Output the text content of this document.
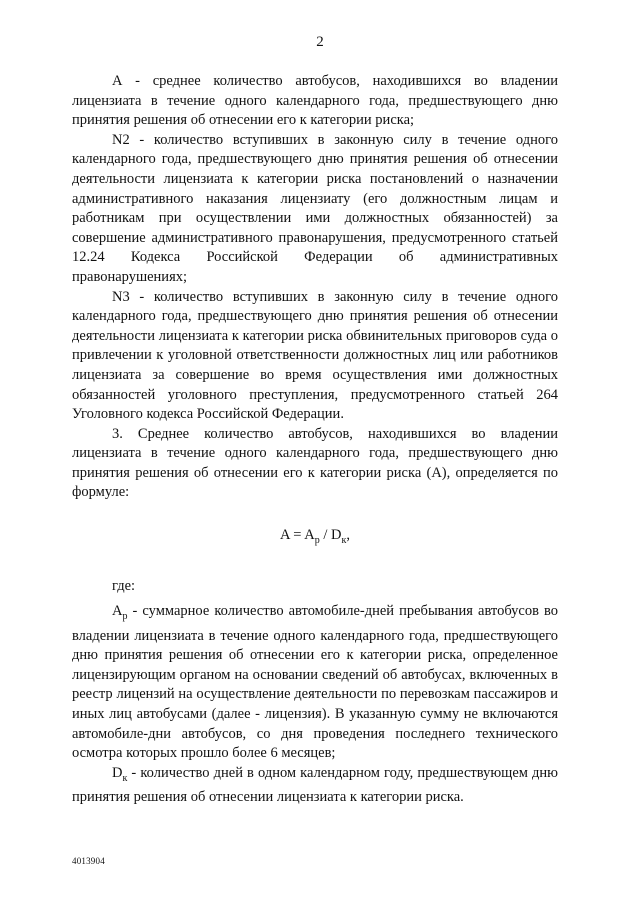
2

А - среднее количество автобусов, находившихся во владении лицензиата в течение одного календарного года, предшествующего дню принятия решения об отнесении его к категории риска;

N2 - количество вступивших в законную силу в течение одного календарного года, предшествующего дню принятия решения об отнесении деятельности лицензиата к категории риска постановлений о назначении административного наказания лицензиату (его должностным лицам и работникам при осуществлении ими должностных обязанностей) за совершение административного правонарушения, предусмотренного статьей 12.24 Кодекса Российской Федерации об административных правонарушениях;

N3 - количество вступивших в законную силу в течение одного календарного года, предшествующего дню принятия решения об отнесении деятельности лицензиата к категории риска обвинительных приговоров суда о привлечении к уголовной ответственности должностных лиц или работников лицензиата за совершение во время осуществления ими должностных обязанностей уголовного преступления, предусмотренного статьей 264 Уголовного кодекса Российской Федерации.

3. Среднее количество автобусов, находившихся во владении лицензиата в течение одного календарного года, предшествующего дню принятия решения об отнесении его к категории риска (А), определяется по формуле:

$A = A_p / D_к$,

где:

$A_р$ - суммарное количество автомобиле-дней пребывания автобусов во владении лицензиата в течение одного календарного года, предшествующего дню принятия решения об отнесении его к категории риска, определенное лицензирующим органом на основании сведений об автобусах, включенных в реестр лицензий на осуществление деятельности по перевозкам пассажиров и иных лиц автобусами (далее - лицензия). В указанную сумму не включаются автомобиле-дни автобусов, со дня проведения последнего технического осмотра которых прошло более 6 месяцев;

$D_к$ - количество дней в одном календарном году, предшествующем дню принятия решения об отнесении лицензиата к категории риска.

4013904
